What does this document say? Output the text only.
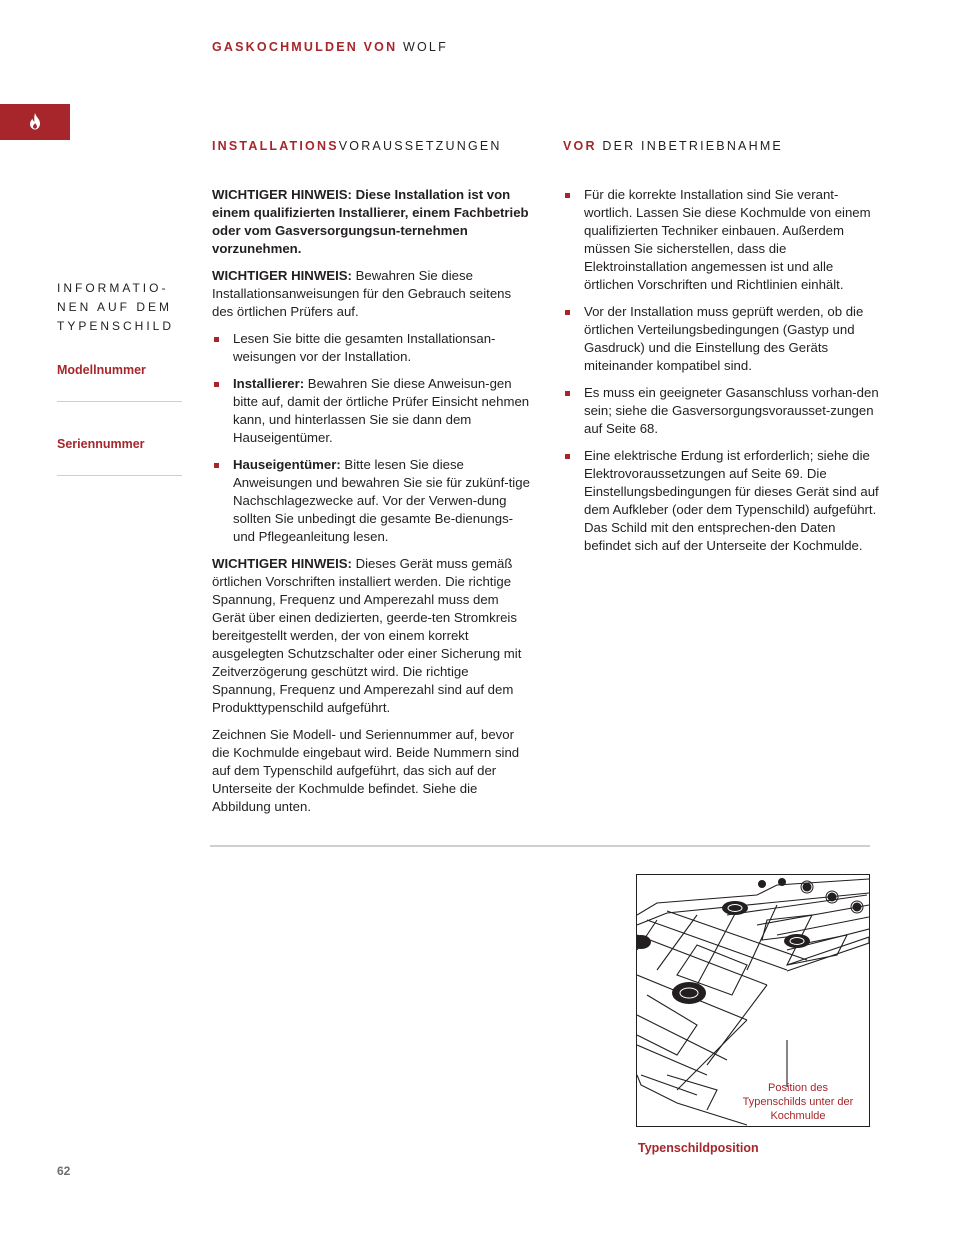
GASKOCHMULDEN VON WOLF
INSTALLATIONSVORAUSSETZUNGEN	VOR DER INBETRIEBNAHME
INFORMATIO-
NEN AUF DEM
TYPENSCHILD
Modellnummer
Seriennummer

WICHTIGER HINWEIS: Diese Installation ist von einem qualifizierten Installierer, einem Fachbetrieb oder vom Gasversorgungsun-ternehmen vorzunehmen.

WICHTIGER HINWEIS: Bewahren Sie diese Installationsanweisungen für den Gebrauch seitens des örtlichen Prüfers auf.

Lesen Sie bitte die gesamten Installationsan-weisungen vor der Installation.
Installierer: Bewahren Sie diese Anweisun-gen bitte auf, damit der örtliche Prüfer Einsicht nehmen kann, und hinterlassen Sie sie dann dem Hauseigentümer.
Hauseigentümer: Bitte lesen Sie diese Anweisungen und bewahren Sie sie für zukünf-tige Nachschlagezwecke auf. Vor der Verwen-dung sollten Sie unbedingt die gesamte Be-dienungs- und Pflegeanleitung lesen.

WICHTIGER HINWEIS: Dieses Gerät muss gemäß örtlichen Vorschriften installiert werden. Die richtige Spannung, Frequenz und Amperezahl muss dem Gerät über einen dedizierten, geerde-ten Stromkreis bereitgestellt werden, der von einem korrekt ausgelegten Schutzschalter oder einer Sicherung mit Zeitverzögerung geschützt wird. Die richtige Spannung, Frequenz und Amperezahl sind auf dem Produkttypenschild aufgeführt.

Zeichnen Sie Modell- und Seriennummer auf, bevor die Kochmulde eingebaut wird. Beide Nummern sind auf dem Typenschild aufgeführt, das sich auf der Unterseite der Kochmulde befindet. Siehe die Abbildung unten.

Für die korrekte Installation sind Sie verant-wortlich. Lassen Sie diese Kochmulde von einem qualifizierten Techniker einbauen. Außerdem müssen Sie sicherstellen, dass die Elektroinstallation angemessen ist und alle örtlichen Vorschriften und Richtlinien einhält.
Vor der Installation muss geprüft werden, ob die örtlichen Verteilungsbedingungen (Gastyp und Gasdruck) und die Einstellung des Geräts miteinander kompatibel sind.
Es muss ein geeigneter Gasanschluss vorhan-den sein; siehe die Gasversorgungsvorausset-zungen auf Seite 68.
Eine elektrische Erdung ist erforderlich; siehe die Elektrovoraussetzungen auf Seite 69. Die Einstellungsbedingungen für dieses Gerät sind auf dem Aufkleber (oder dem Typenschild) aufgeführt. Das Schild mit den entsprechen-den Daten befindet sich auf der Unterseite der Kochmulde.
Position des Typenschilds unter der Kochmulde
Typenschildposition
62
